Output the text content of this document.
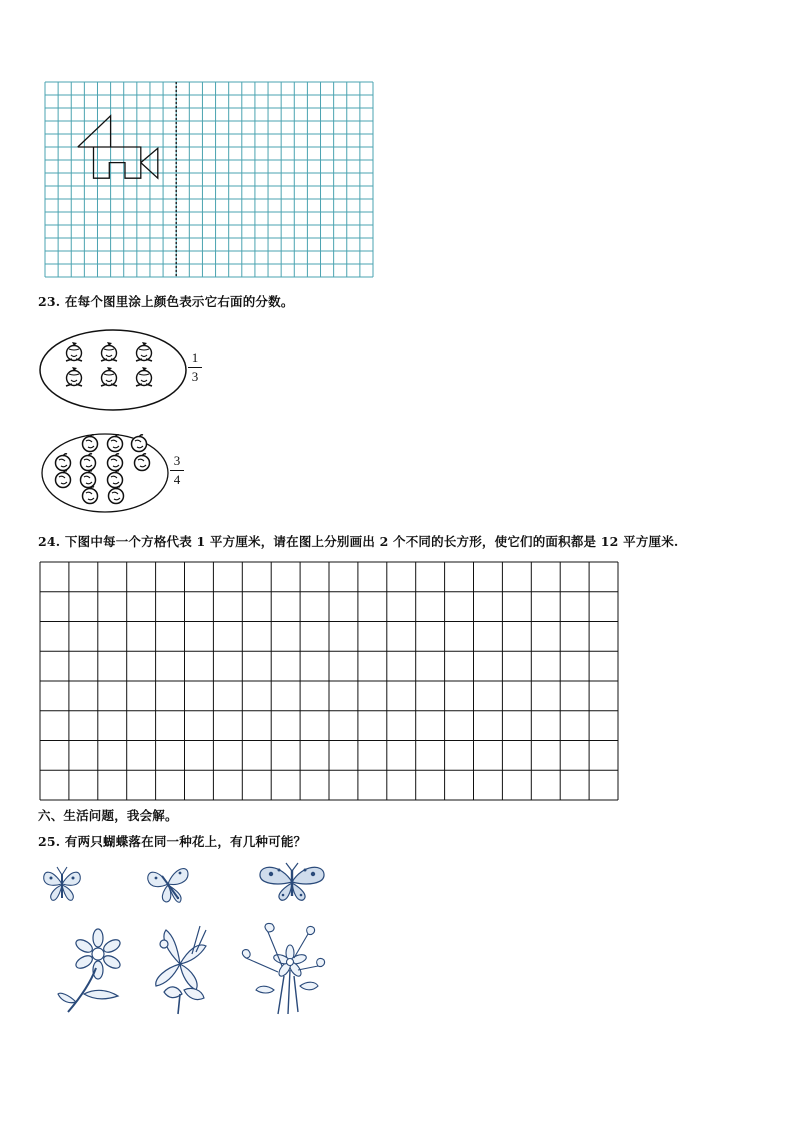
23. 在每个图里涂上颜色表示它右面的分数。
1
3
3
4
24. 下图中每一个方格代表 1 平方厘米，请在图上分别画出 2 个不同的长方形，使它们的面积都是 12 平方厘米.
六、生活问题，我会解。
25. 有两只蝴蝶落在同一种花上，有几种可能？
